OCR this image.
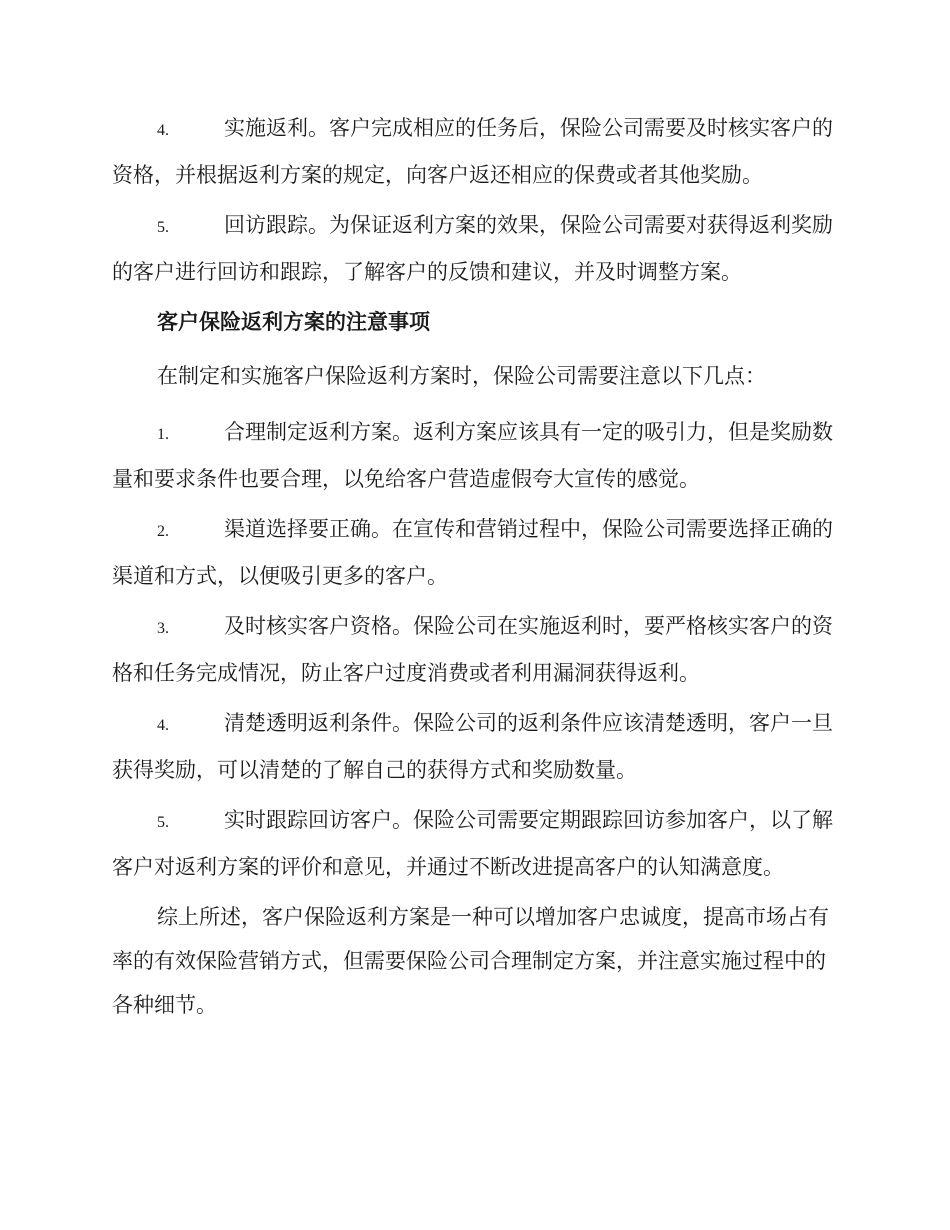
4.	实施返利。客户完成相应的任务后，保险公司需要及时核实客户的资格，并根据返利方案的规定，向客户返还相应的保费或者其他奖励。
5.	回访跟踪。为保证返利方案的效果，保险公司需要对获得返利奖励的客户进行回访和跟踪，了解客户的反馈和建议，并及时调整方案。
客户保险返利方案的注意事项
在制定和实施客户保险返利方案时，保险公司需要注意以下几点：
1.	合理制定返利方案。返利方案应该具有一定的吸引力，但是奖励数量和要求条件也要合理，以免给客户营造虚假夸大宣传的感觉。
2.	渠道选择要正确。在宣传和营销过程中，保险公司需要选择正确的渠道和方式，以便吸引更多的客户。
3.	及时核实客户资格。保险公司在实施返利时，要严格核实客户的资格和任务完成情况，防止客户过度消费或者利用漏洞获得返利。
4.	清楚透明返利条件。保险公司的返利条件应该清楚透明，客户一旦获得奖励，可以清楚的了解自己的获得方式和奖励数量。
5.	实时跟踪回访客户。保险公司需要定期跟踪回访参加客户，以了解客户对返利方案的评价和意见，并通过不断改进提高客户的认知满意度。
综上所述，客户保险返利方案是一种可以增加客户忠诚度，提高市场占有率的有效保险营销方式，但需要保险公司合理制定方案，并注意实施过程中的各种细节。
